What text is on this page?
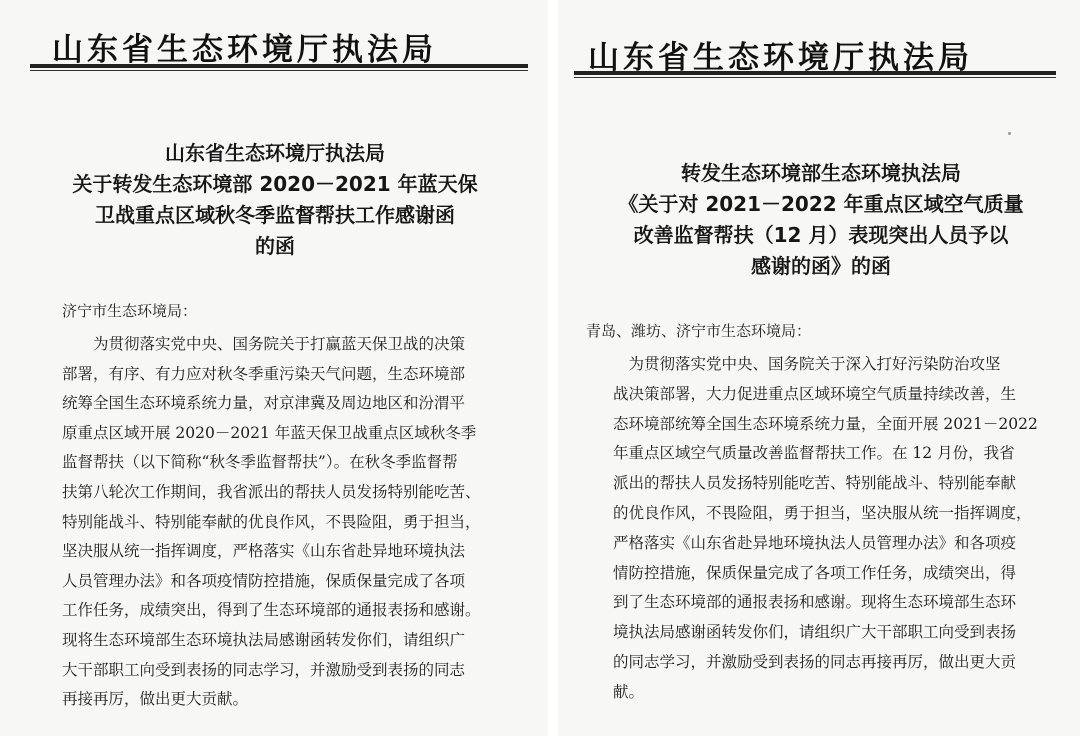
山东省生态环境厅执法局
山东省生态环境厅执法局
关于转发生态环境部 2020－2021 年蓝天保
卫战重点区域秋冬季监督帮扶工作感谢函
的函
济宁市生态环境局：
　　为贯彻落实党中央、国务院关于打赢蓝天保卫战的决策
部署，有序、有力应对秋冬季重污染天气问题，生态环境部
统筹全国生态环境系统力量，对京津冀及周边地区和汾渭平
原重点区域开展 2020－2021 年蓝天保卫战重点区域秋冬季
监督帮扶（以下简称“秋冬季监督帮扶”）。在秋冬季监督帮
扶第八轮次工作期间，我省派出的帮扶人员发扬特别能吃苦、
特别能战斗、特别能奉献的优良作风，不畏险阻，勇于担当，
坚决服从统一指挥调度，严格落实《山东省赴异地环境执法
人员管理办法》和各项疫情防控措施，保质保量完成了各项
工作任务，成绩突出，得到了生态环境部的通报表扬和感谢。
现将生态环境部生态环境执法局感谢函转发你们，请组织广
大干部职工向受到表扬的同志学习，并激励受到表扬的同志
再接再厉，做出更大贡献。
山东省生态环境厅执法局
转发生态环境部生态环境执法局
《关于对 2021－2022 年重点区域空气质量
改善监督帮扶（12 月）表现突出人员予以
感谢的函》的函
青岛、潍坊、济宁市生态环境局：
　　　为贯彻落实党中央、国务院关于深入打好污染防治攻坚
　　战决策部署，大力促进重点区域环境空气质量持续改善，生
　　态环境部统筹全国生态环境系统力量，全面开展 2021－2022
　　年重点区域空气质量改善监督帮扶工作。在 12 月份，我省
　　派出的帮扶人员发扬特别能吃苦、特别能战斗、特别能奉献
　　的优良作风，不畏险阻，勇于担当，坚决服从统一指挥调度，
　　严格落实《山东省赴异地环境执法人员管理办法》和各项疫
　　情防控措施，保质保量完成了各项工作任务，成绩突出，得
　　到了生态环境部的通报表扬和感谢。现将生态环境部生态环
　　境执法局感谢函转发你们，请组织广大干部职工向受到表扬
　　的同志学习，并激励受到表扬的同志再接再厉，做出更大贡
　　献。
